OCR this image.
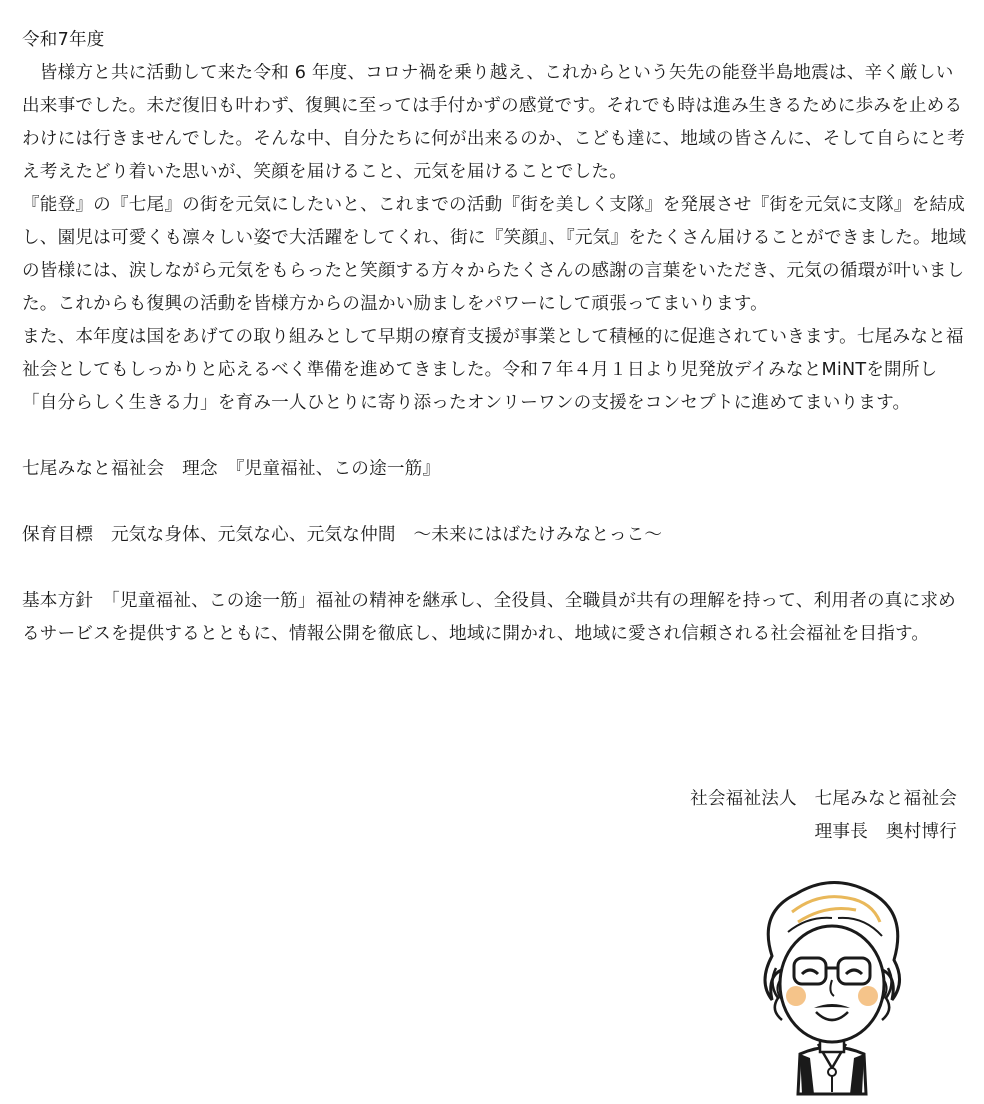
令和7年度

　皆様方と共に活動して来た令和 6 年度、コロナ禍を乗り越え、これからという矢先の能登半島地震は、辛く厳しい出来事でした。未だ復旧も叶わず、復興に至っては手付かずの感覚です。それでも時は進み生きるために歩みを止めるわけには行きませんでした。そんな中、自分たちに何が出来るのか、こども達に、地域の皆さんに、そして自らにと考え考えたどり着いた思いが、笑顔を届けること、元気を届けることでした。

『能登』の『七尾』の街を元気にしたいと、これまでの活動『街を美しく支隊』を発展させ『街を元気に支隊』を結成し、園児は可愛くも凛々しい姿で大活躍をしてくれ、街に『笑顔』、『元気』をたくさん届けることができました。地域の皆様には、涙しながら元気をもらったと笑顔する方々からたくさんの感謝の言葉をいただき、元気の循環が叶いました。これからも復興の活動を皆様方からの温かい励ましをパワーにして頑張ってまいります。

また、本年度は国をあげての取り組みとして早期の療育支援が事業として積極的に促進されていきます。七尾みなと福祉会としてもしっかりと応えるべく準備を進めてきました。令和７年４月１日より児発放デイみなとMiNTを開所し「自分らしく生きる力」を育み一人ひとりに寄り添ったオンリーワンの支援をコンセプトに進めてまいります。

七尾みなと福祉会　理念　『児童福祉、この途一筋』

保育目標　元気な身体、元気な心、元気な仲間　～未来にはばたけみなとっこ～

基本方針　「児童福祉、この途一筋」福祉の精神を継承し、全役員、全職員が共有の理解を持って、利用者の真に求めるサービスを提供するとともに、情報公開を徹底し、地域に開かれ、地域に愛され信頼される社会福祉を目指す。

社会福祉法人　七尾みなと福祉会

理事長　奥村博行
